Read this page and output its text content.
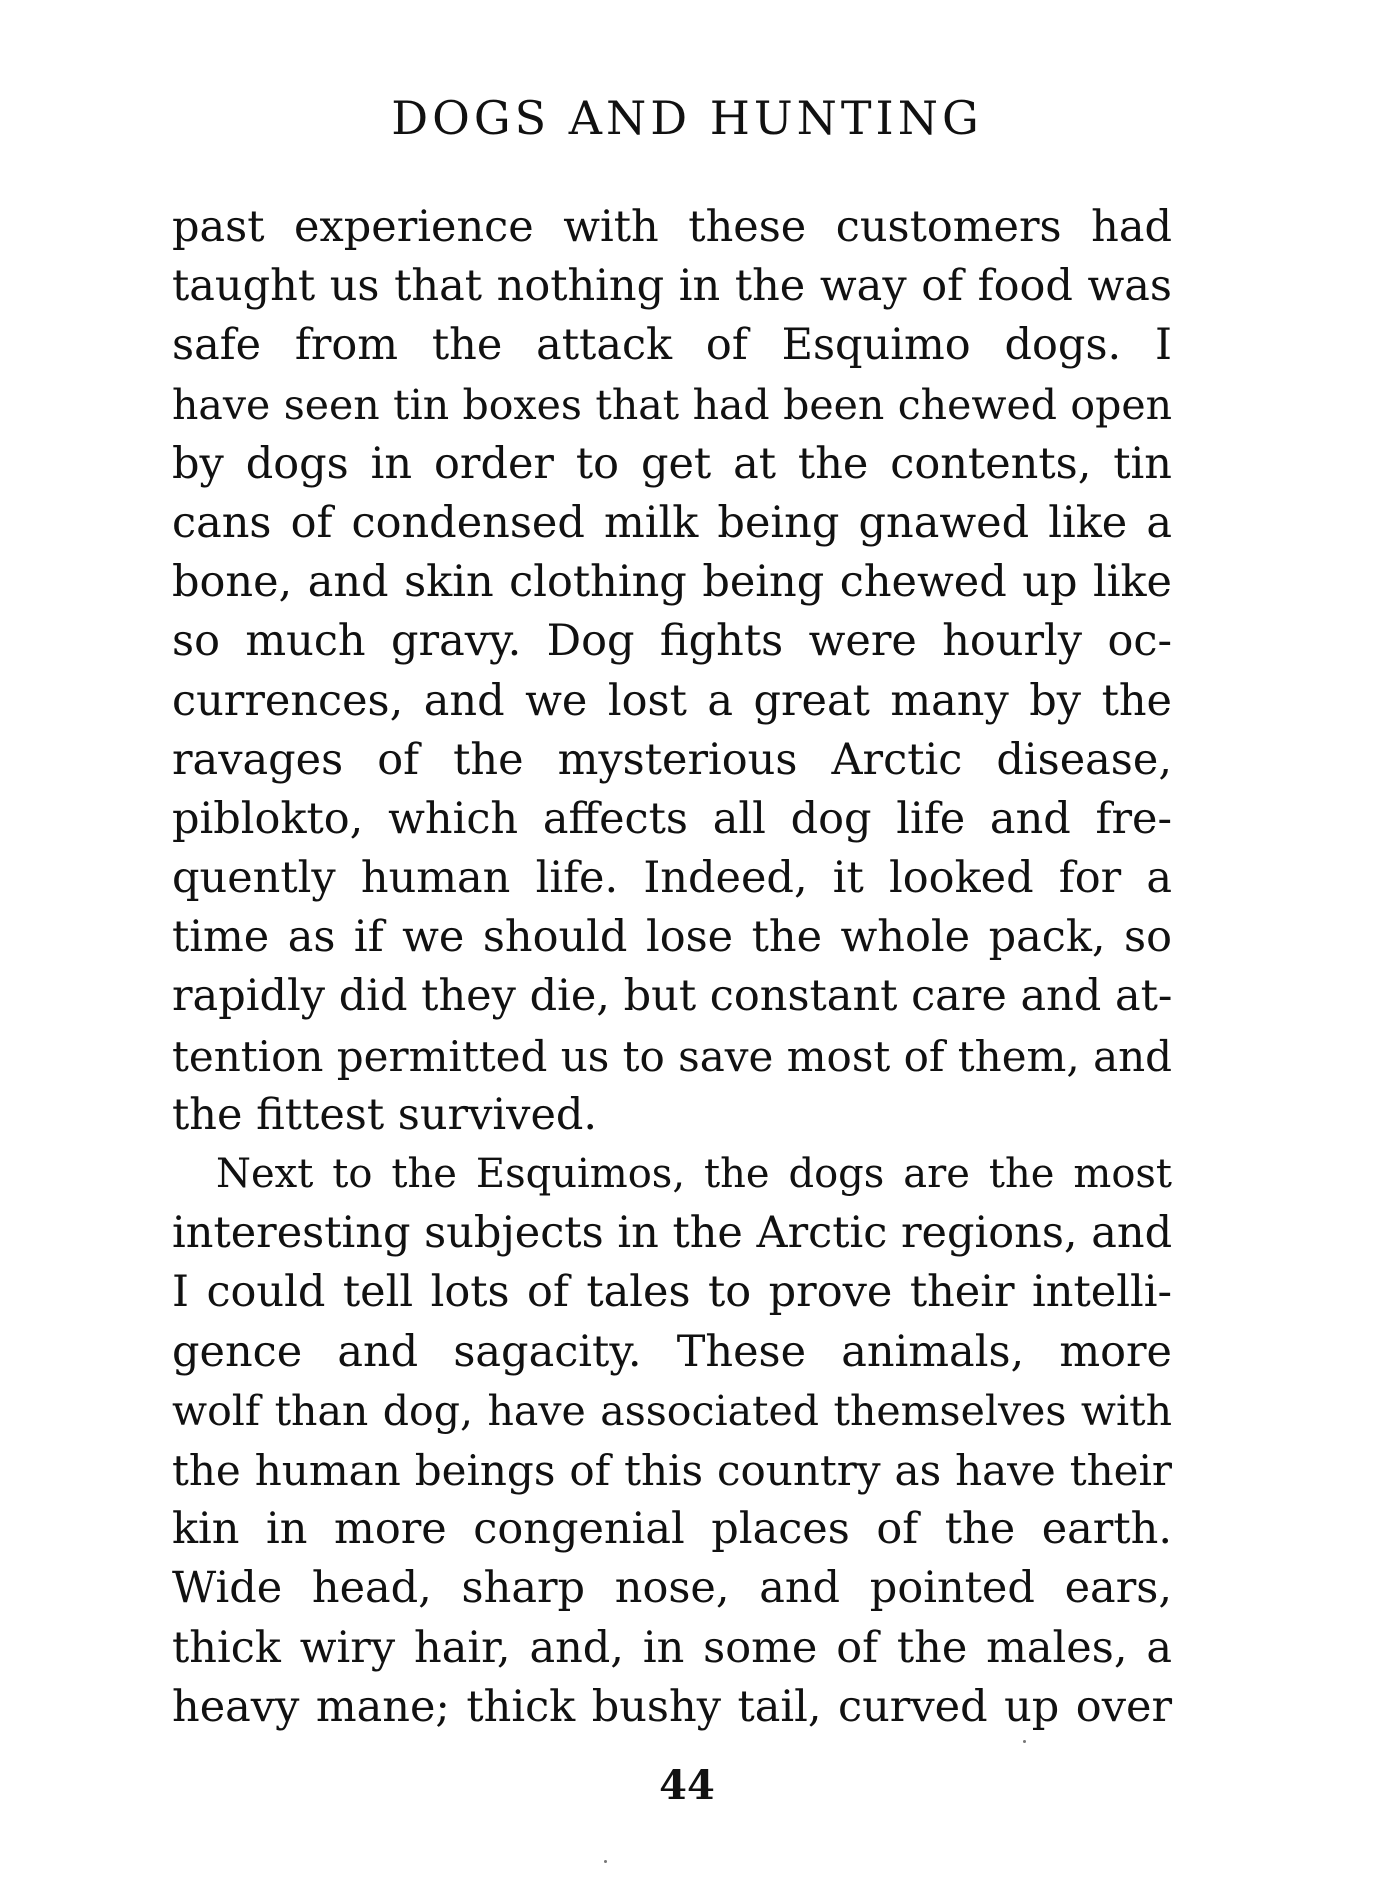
DOGS AND HUNTING
past experience with these customers had
taught us that nothing in the way of food was
safe from the attack of Esquimo dogs. I
have seen tin boxes that had been chewed open
by dogs in order to get at the contents, tin
cans of condensed milk being gnawed like a
bone, and skin clothing being chewed up like
so much gravy. Dog fights were hourly oc-
currences, and we lost a great many by the
ravages of the mysterious Arctic disease,
piblokto, which affects all dog life and fre-
quently human life. Indeed, it looked for a
time as if we should lose the whole pack, so
rapidly did they die, but constant care and at-
tention permitted us to save most of them, and
the fittest survived.
Next to the Esquimos, the dogs are the most
interesting subjects in the Arctic regions, and
I could tell lots of tales to prove their intelli-
gence and sagacity. These animals, more
wolf than dog, have associated themselves with
the human beings of this country as have their
kin in more congenial places of the earth.
Wide head, sharp nose, and pointed ears,
thick wiry hair, and, in some of the males, a
heavy mane; thick bushy tail, curved up over
44
